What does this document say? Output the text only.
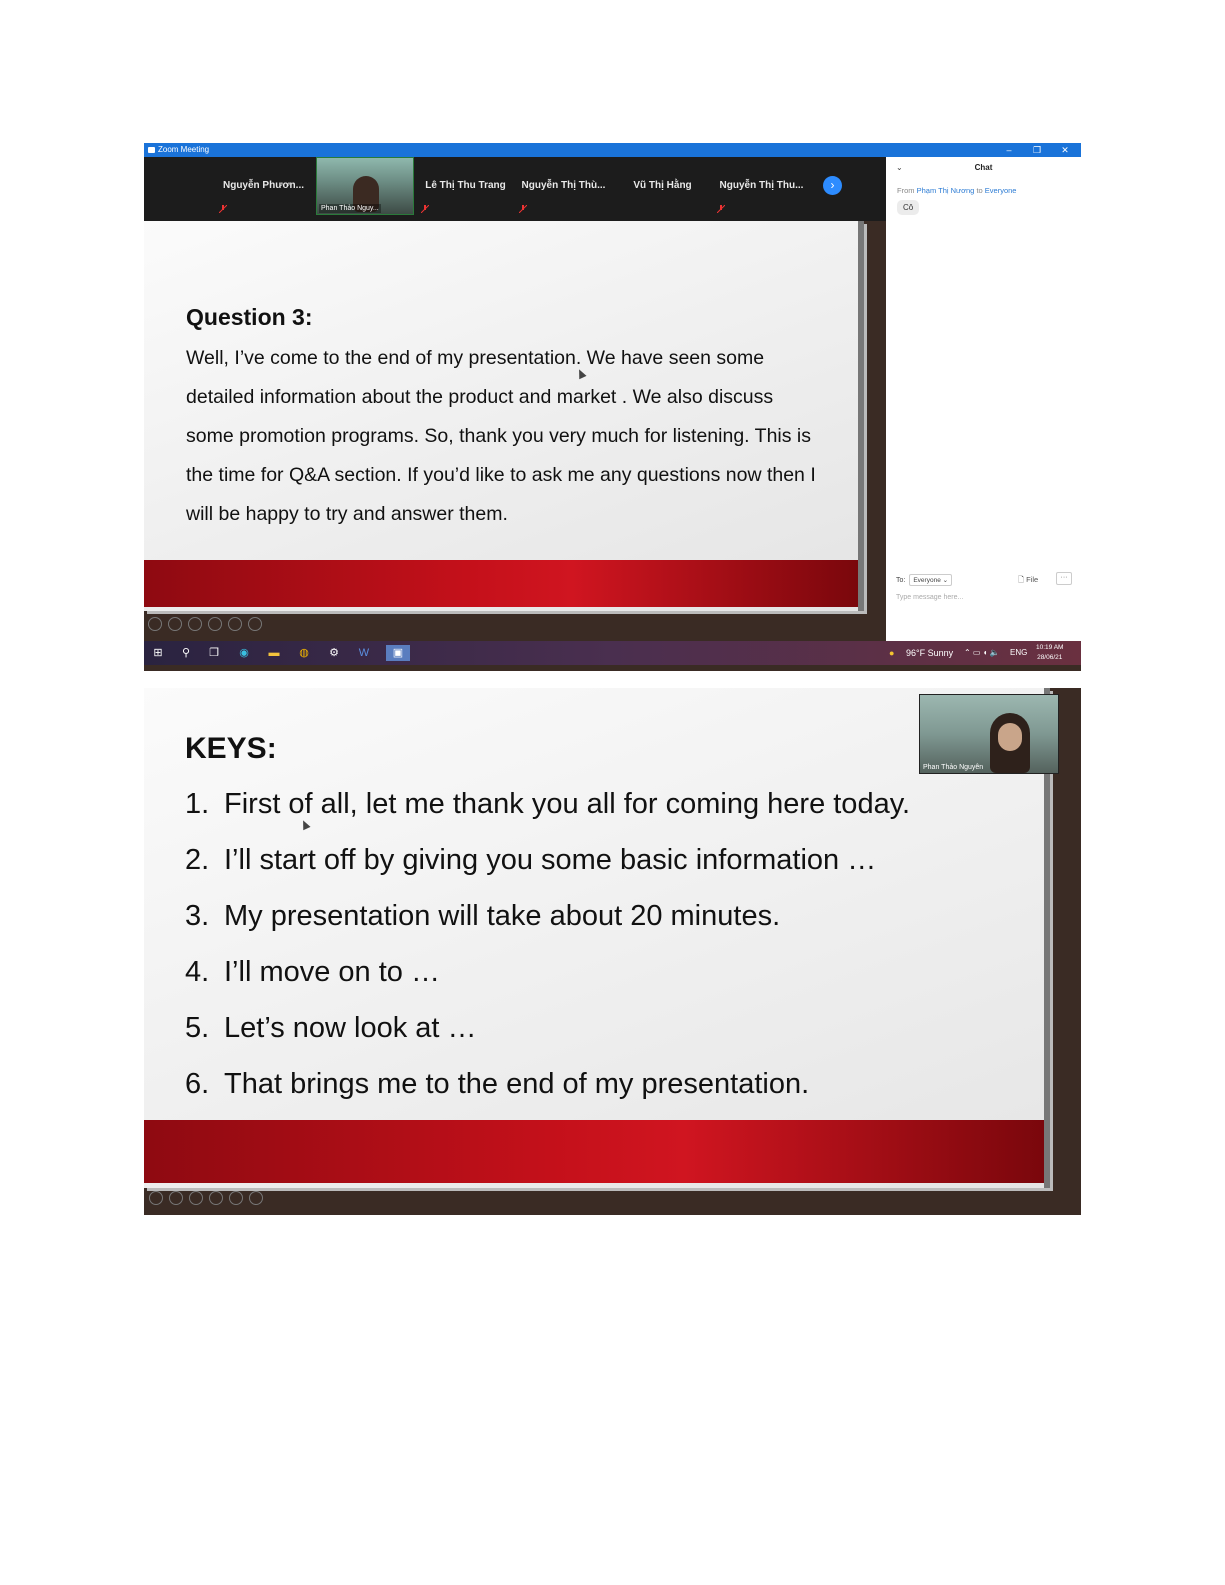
Zoom Meeting	–	❐	✕
Nguyễn Phươn...
Phan Thảo Nguy...
Lê Thị Thu Trang	Nguyễn Thị Thù...	Vũ Thị Hằng	Nguyễn Thị Thu...	›
Question 3:
Well, I’ve come to the end of my presentation. We have seen some detailed information about the product and market . We also discuss some promotion programs. So, thank you very much for listening. This is the time for Q&A section. If you’d like to ask me any questions now then I will be happy to try and answer them.
⌄	Chat
From Phạm Thị Nương to Everyone
Cô
To:	Everyone ⌄	🗋 File	···
Type message here...
⊞	⚲	❐ ◉ ▬ ◍ ⚙ W	▣	● 96°F Sunny ⌃ ▭ ◖ 🔈 ENG
10:19 AM
28/06/21
KEYS:
1. First of all, let me thank you all for coming here today.
2. I’ll start off by giving you some basic information …
3. My presentation will take about 20 minutes.
4. I’ll move on to …
5. Let’s now look at …
6. That brings me to the end of my presentation.
Phan Thảo Nguyên
